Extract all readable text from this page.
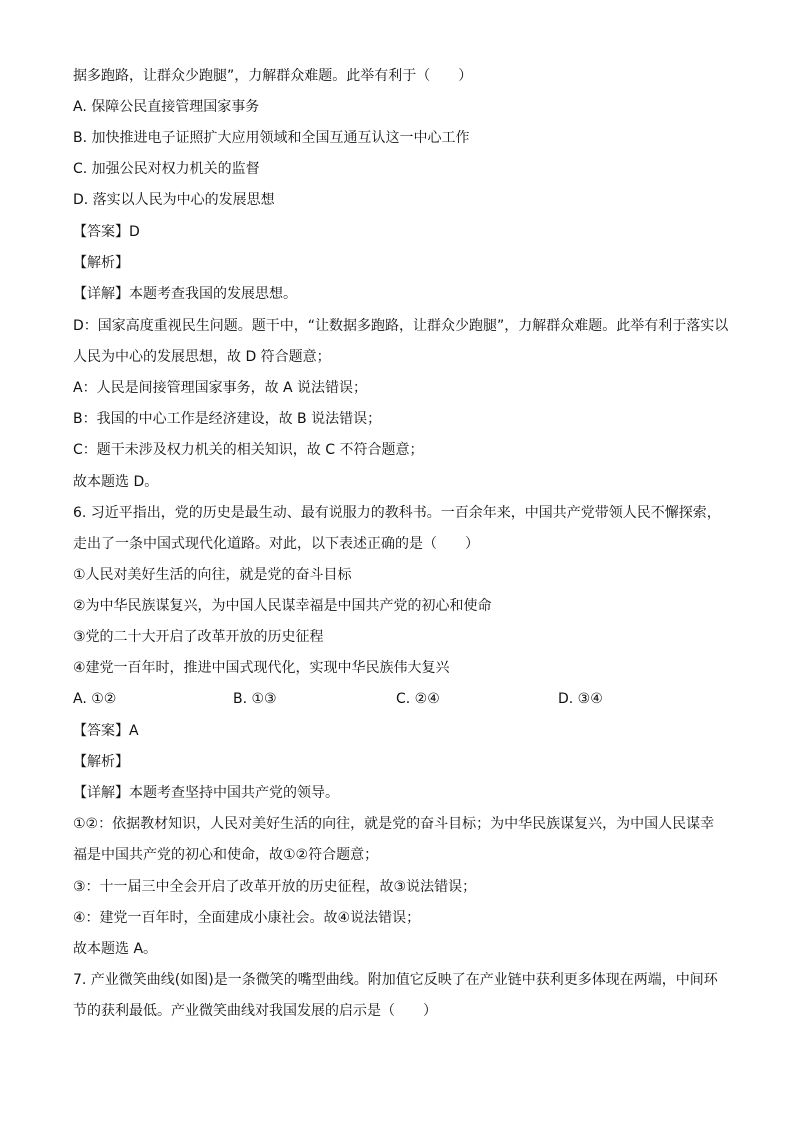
据多跑路，让群众少跑腿”，力解群众难题。此举有利于（　　）
A. 保障公民直接管理国家事务
B. 加快推进电子证照扩大应用领域和全国互通互认这一中心工作
C. 加强公民对权力机关的监督
D. 落实以人民为中心的发展思想
【答案】D
【解析】
【详解】本题考查我国的发展思想。
D：国家高度重视民生问题。题干中，“让数据多跑路，让群众少跑腿”，力解群众难题。此举有利于落实以
人民为中心的发展思想，故 D 符合题意；
A：人民是间接管理国家事务，故 A 说法错误；
B：我国的中心工作是经济建设，故 B 说法错误；
C：题干未涉及权力机关的相关知识，故 C 不符合题意；
故本题选 D。
6. 习近平指出，党的历史是最生动、最有说服力的教科书。一百余年来，中国共产党带领人民不懈探索，
走出了一条中国式现代化道路。对此，以下表述正确的是（　　）
①人民对美好生活的向往，就是党的奋斗目标
②为中华民族谋复兴，为中国人民谋幸福是中国共产党的初心和使命
③党的二十大开启了改革开放的历史征程
④建党一百年时，推进中国式现代化，实现中华民族伟大复兴
A. ①②	B. ①③	C. ②④	D. ③④
【答案】A
【解析】
【详解】本题考查坚持中国共产党的领导。
①②：依据教材知识，人民对美好生活的向往，就是党的奋斗目标；为中华民族谋复兴，为中国人民谋幸
福是中国共产党的初心和使命，故①②符合题意；
③：十一届三中全会开启了改革开放的历史征程，故③说法错误；
④：建党一百年时，全面建成小康社会。故④说法错误；
故本题选 A。
7. 产业微笑曲线(如图)是一条微笑的嘴型曲线。附加值它反映了在产业链中获利更多体现在两端，中间环
节的获利最低。产业微笑曲线对我国发展的启示是（　　）
